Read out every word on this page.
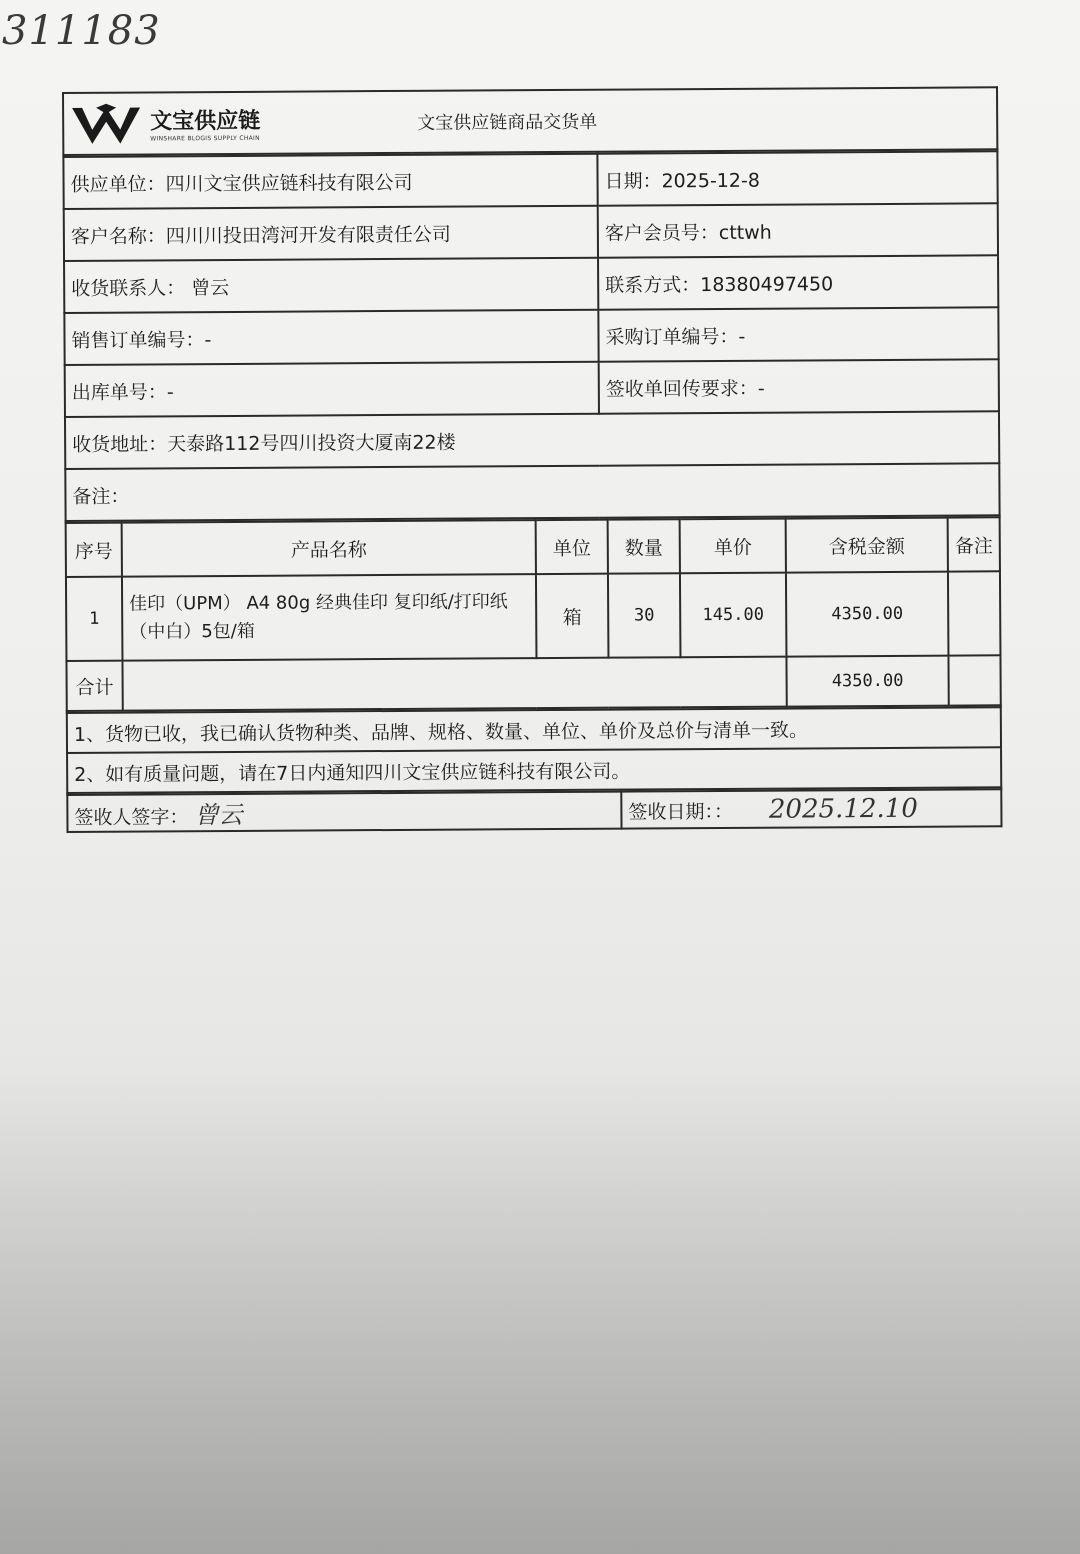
311183
文宝供应链
WINSHARE BLOGIS SUPPLY CHAIN
	文宝供应链商品交货单
供应单位：四川文宝供应链科技有限公司	日期：2025-12-8
客户名称：四川川投田湾河开发有限责任公司	客户会员号：cttwh
收货联系人： 曾云	联系方式：18380497450
销售订单编号：-	采购订单编号：-
出库单号：-	签收单回传要求：-
收货地址：天泰路112号四川投资大厦南22楼	
备注：	
序号	产品名称	单位	数量	单价	含税金额	备注
1	佳印（UPM） A4 80g 经典佳印 复印纸/打印纸（中白）5包/箱	箱	30	145.00	4350.00	
合计					4350.00	
1、货物已收，我已确认货物种类、品牌、规格、数量、单位、单价及总价与清单一致。
2、如有质量问题，请在7日内通知四川文宝供应链科技有限公司。
签收人签字： 曾云	签收日期：： 2025.12.10
